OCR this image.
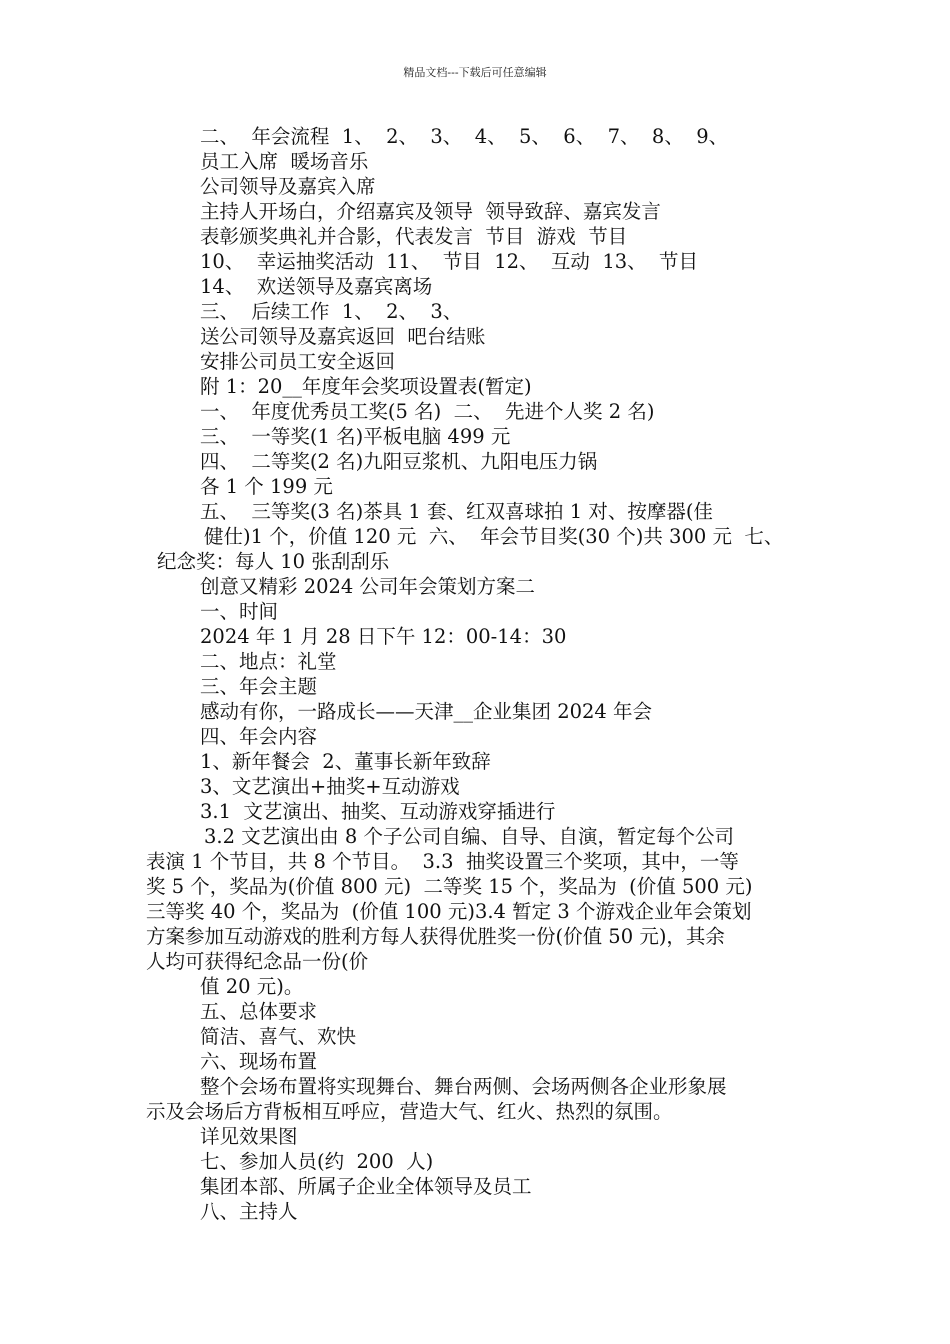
精品文档---下载后可任意编辑
二、  年会流程  1、  2、  3、  4、  5、  6、  7、  8、  9、
员工入席  暖场音乐
公司领导及嘉宾入席
主持人开场白，介绍嘉宾及领导  领导致辞、嘉宾发言
表彰颁奖典礼并合影，代表发言  节目  游戏  节目
10、  幸运抽奖活动  11、  节目  12、  互动  13、  节目
14、  欢送领导及嘉宾离场
三、  后续工作  1、  2、  3、
送公司领导及嘉宾返回  吧台结账
安排公司员工安全返回
附 1：20__年度年会奖项设置表(暂定)
一、  年度优秀员工奖(5 名)  二、  先进个人奖 2 名)
三、  一等奖(1 名)平板电脑 499 元
四、  二等奖(2 名)九阳豆浆机、九阳电压力锅
各 1 个 199 元
五、  三等奖(3 名)茶具 1 套、红双喜球拍 1 对、按摩器(佳
健仕)1 个，价值 120 元  六、  年会节目奖(30 个)共 300 元  七、
纪念奖：每人 10 张刮刮乐
创意又精彩 2024 公司年会策划方案二
一、时间
2024 年 1 月 28 日下午 12：00-14：30
二、地点：礼堂
三、年会主题
感动有你，一路成长——天津__企业集团 2024 年会
四、年会内容
1、新年餐会  2、董事长新年致辞
3、文艺演出+抽奖+互动游戏
3.1  文艺演出、抽奖、互动游戏穿插进行
3.2 文艺演出由 8 个子公司自编、自导、自演，暂定每个公司
表演 1 个节目，共 8 个节目。  3.3  抽奖设置三个奖项，其中，一等
奖 5 个，奖品为(价值 800 元)  二等奖 15 个，奖品为  (价值 500 元)
三等奖 40 个，奖品为  (价值 100 元)3.4 暂定 3 个游戏企业年会策划
方案参加互动游戏的胜利方每人获得优胜奖一份(价值 50 元)，其余
人均可获得纪念品一份(价
值 20 元)。
五、总体要求
简洁、喜气、欢快
六、现场布置
整个会场布置将实现舞台、舞台两侧、会场两侧各企业形象展
示及会场后方背板相互呼应，营造大气、红火、热烈的氛围。
详见效果图
七、参加人员(约  200  人)
集团本部、所属子企业全体领导及员工
八、主持人
